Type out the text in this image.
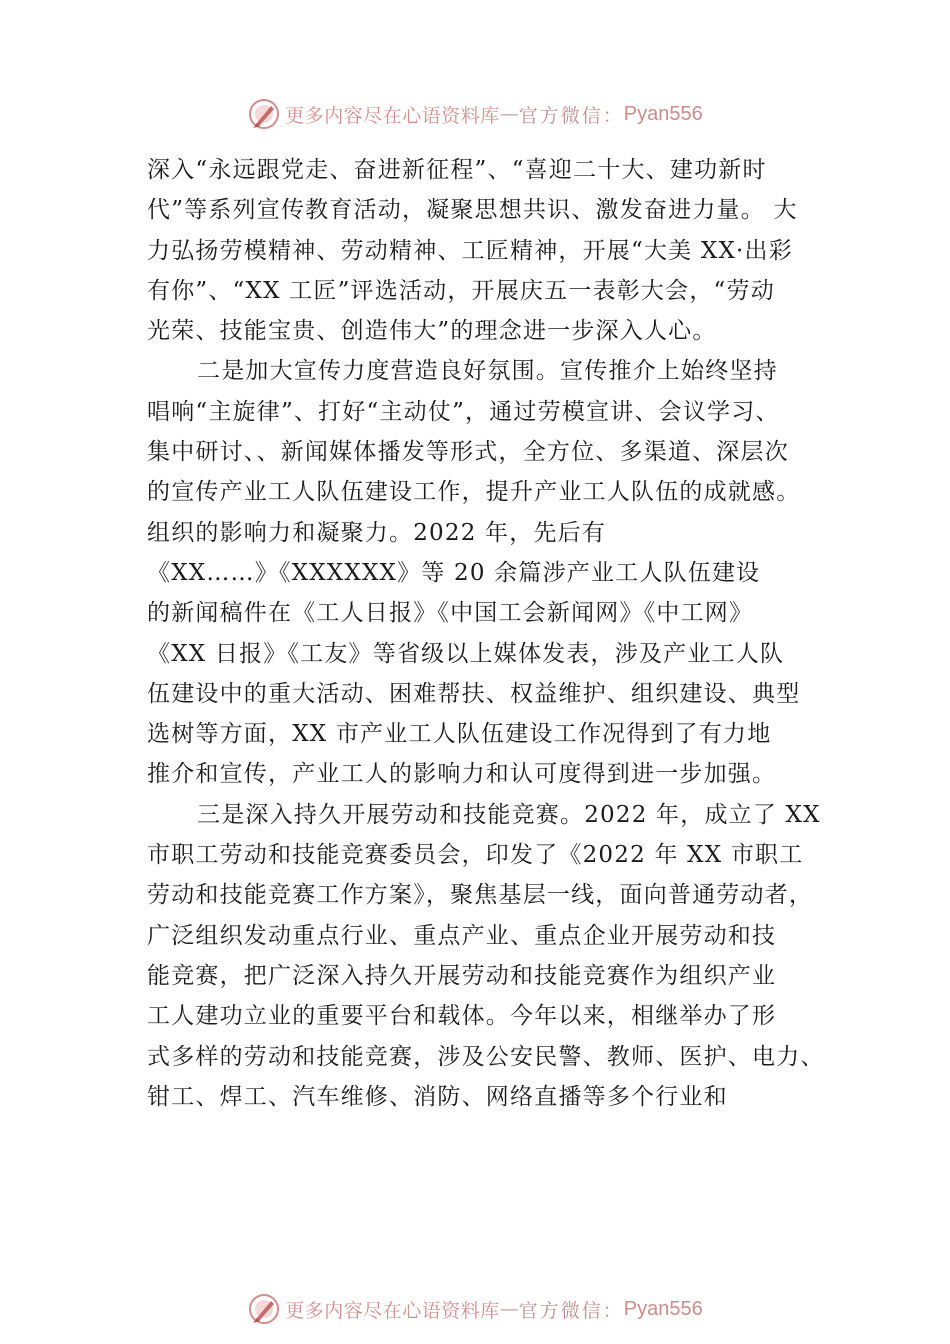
更多内容尽在心语资料库 — 官方微信： Pyan556
深入“永远跟党走、奋进新征程”、“喜迎二十大、建功新时
代”等系列宣传教育活动，凝聚思想共识、激发奋进力量。 大
力弘扬劳模精神、劳动精神、工匠精神，开展“大美 XX·出彩
有你”、“XX 工匠”评选活动，开展庆五一表彰大会，“劳动
光荣、技能宝贵、创造伟大”的理念进一步深入人心。
二是加大宣传力度营造良好氛围。宣传推介上始终坚持
唱响“主旋律”、打好“主动仗”，通过劳模宣讲、会议学习、
集中研讨、、新闻媒体播发等形式，全方位、多渠道、深层次
的宣传产业工人队伍建设工作，提升产业工人队伍的成就感。
组织的影响力和凝聚力。2022 年，先后有
《XX……》《XXXXXX》等 20 余篇涉产业工人队伍建设
的新闻稿件在《工人日报》《中国工会新闻网》《中工网》
《XX 日报》《工友》等省级以上媒体发表，涉及产业工人队
伍建设中的重大活动、困难帮扶、权益维护、组织建设、典型
选树等方面，XX 市产业工人队伍建设工作况得到了有力地
推介和宣传，产业工人的影响力和认可度得到进一步加强。
三是深入持久开展劳动和技能竞赛。2022 年，成立了 XX
市职工劳动和技能竞赛委员会，印发了《2022 年 XX 市职工
劳动和技能竞赛工作方案》，聚焦基层一线，面向普通劳动者，
广泛组织发动重点行业、重点产业、重点企业开展劳动和技
能竞赛，把广泛深入持久开展劳动和技能竞赛作为组织产业
工人建功立业的重要平台和载体。今年以来，相继举办了形
式多样的劳动和技能竞赛，涉及公安民警、教师、医护、电力、
钳工、焊工、汽车维修、消防、网络直播等多个行业和
更多内容尽在心语资料库 — 官方微信： Pyan556
